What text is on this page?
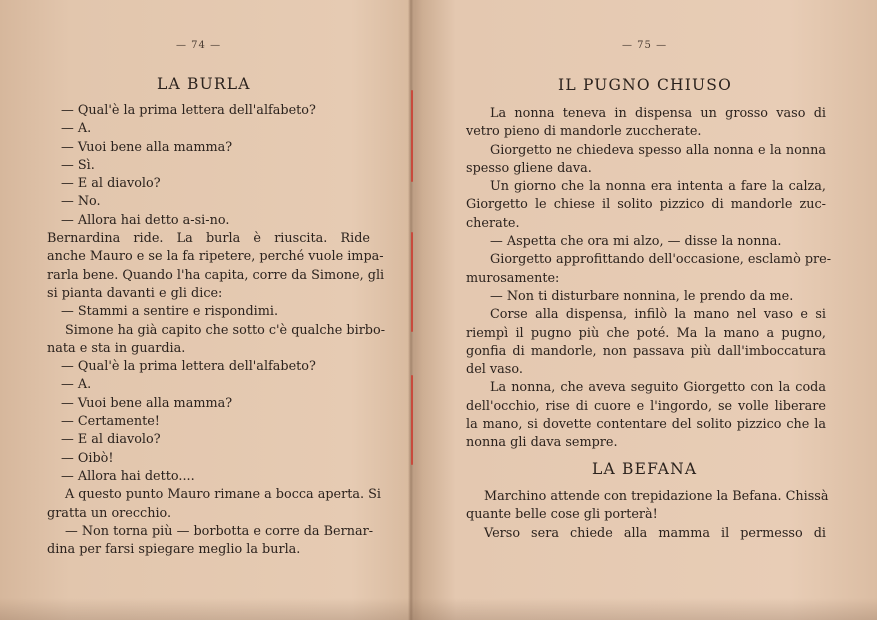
— 74 —
LA BURLA
— Qual'è la prima lettera dell'alfabeto?
— A.
— Vuoi bene alla mamma?
— Sì.
— E al diavolo?
— No.
— Allora hai detto a-si-no.
Bernardina ride. La burla è riuscita. Ride
anche Mauro e se la fa ripetere, perché vuole impa-
rarla bene. Quando l'ha capita, corre da Simone, gli
si pianta davanti e gli dice:
— Stammi a sentire e rispondimi.
Simone ha già capito che sotto c'è qualche birbo-
nata e sta in guardia.
— Qual'è la prima lettera dell'alfabeto?
— A.
— Vuoi bene alla mamma?
— Certamente!
— E al diavolo?
— Oibò!
— Allora hai detto....
A questo punto Mauro rimane a bocca aperta. Si
gratta un orecchio.
— Non torna più — borbotta e corre da Bernar-
dina per farsi spiegare meglio la burla.
— 75 —
IL PUGNO CHIUSO
La nonna teneva in dispensa un grosso vaso di
vetro pieno di mandorle zuccherate.
Giorgetto ne chiedeva spesso alla nonna e la nonna
spesso gliene dava.
Un giorno che la nonna era intenta a fare la calza,
Giorgetto le chiese il solito pizzico di mandorle zuc-
cherate.
— Aspetta che ora mi alzo, — disse la nonna.
Giorgetto approfittando dell'occasione, esclamò pre-
murosamente:
— Non ti disturbare nonnina, le prendo da me.
Corse alla dispensa, infilò la mano nel vaso e si
riempì il pugno più che poté. Ma la mano a pugno,
gonfia di mandorle, non passava più dall'imboccatura
del vaso.
La nonna, che aveva seguito Giorgetto con la coda
dell'occhio, rise di cuore e l'ingordo, se volle liberare
la mano, si dovette contentare del solito pizzico che la
nonna gli dava sempre.
LA BEFANA
Marchino attende con trepidazione la Befana. Chissà
quante belle cose gli porterà!
Verso sera chiede alla mamma il permesso di
